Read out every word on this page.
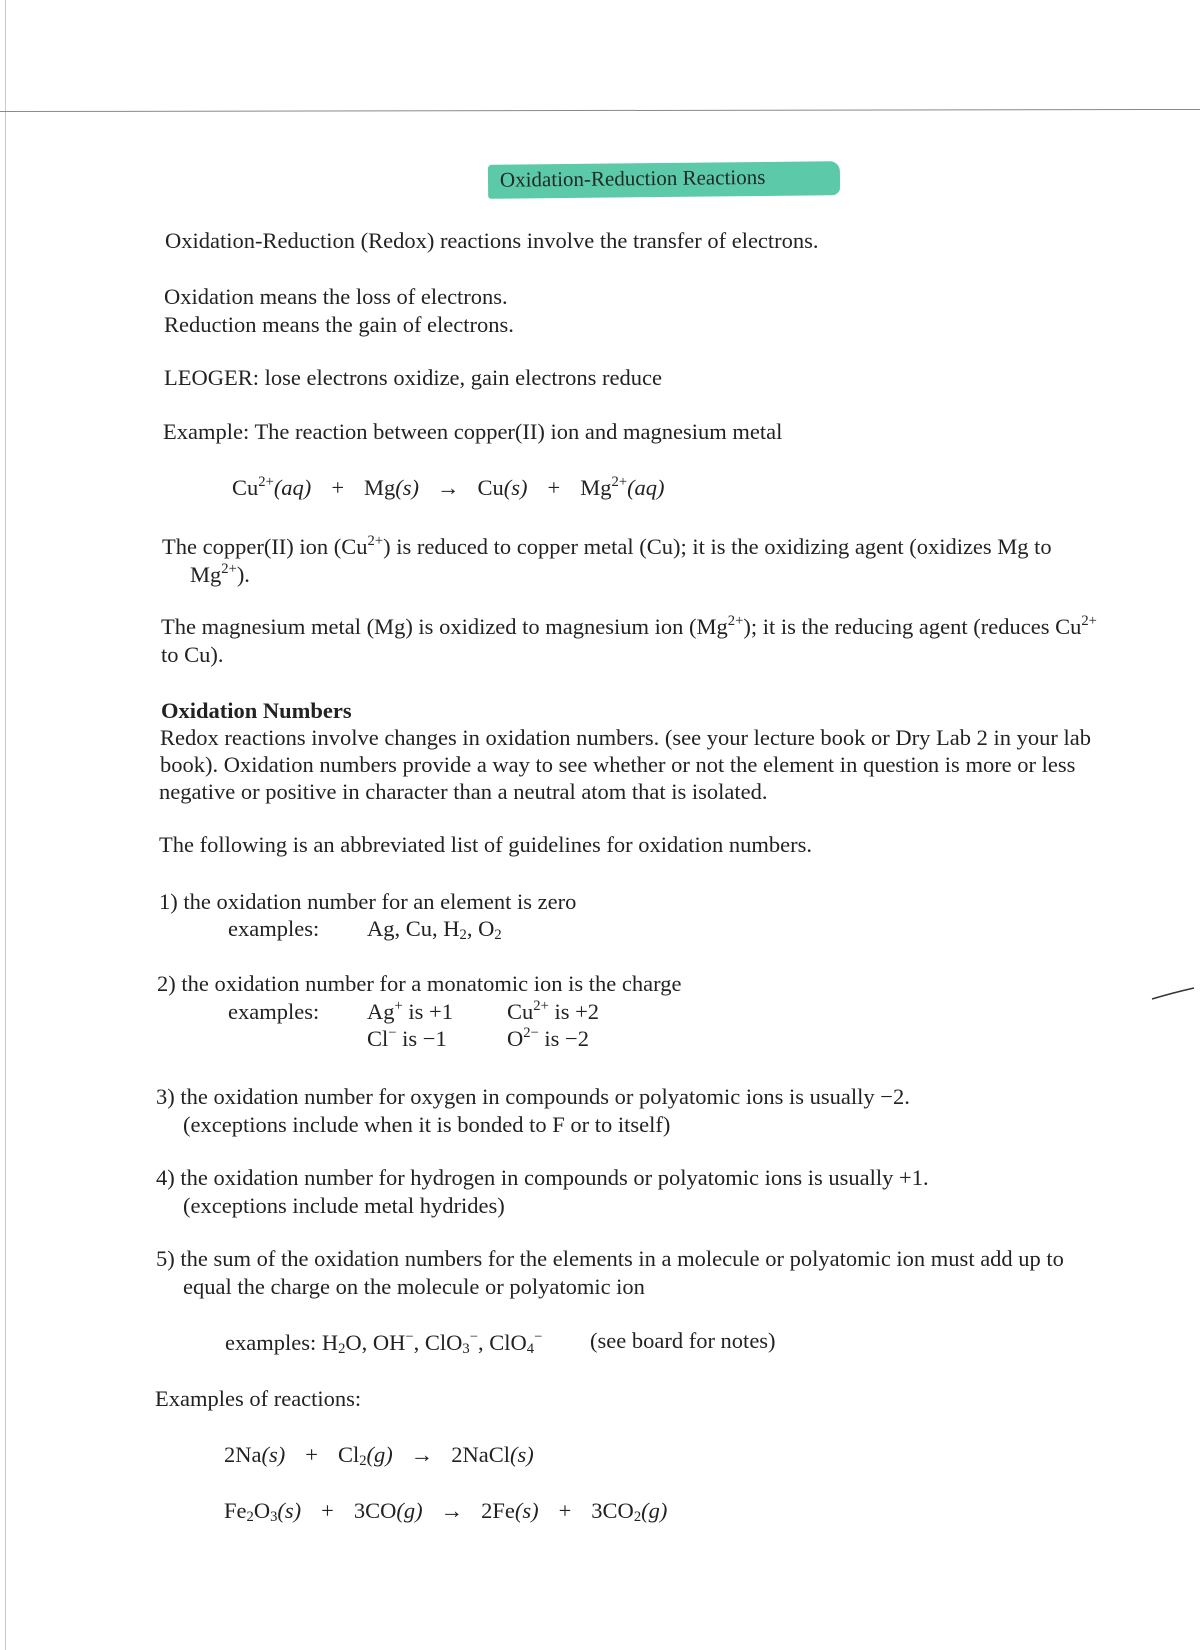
Oxidation-Reduction Reactions
Oxidation-Reduction (Redox) reactions involve the transfer of electrons.
Oxidation means the loss of electrons.
Reduction means the gain of electrons.
LEOGER: lose electrons oxidize, gain electrons reduce
Example: The reaction between copper(II) ion and magnesium metal
$Cu^{2+}(aq) + Mg(s) \to Cu(s) + Mg^{2+}(aq)$
The copper(II) ion $(Cu^{2+})$ is reduced to copper metal (Cu); it is the oxidizing agent (oxidizes Mg to
$Mg^{2+}$).
The magnesium metal (Mg) is oxidized to magnesium ion $(Mg^{2+})$; it is the reducing agent (reduces $Cu^{2+}$
to Cu).
Oxidation Numbers
Redox reactions involve changes in oxidation numbers. (see your lecture book or Dry Lab 2 in your lab
book). Oxidation numbers provide a way to see whether or not the element in question is more or less
negative or positive in character than a neutral atom that is isolated.
The following is an abbreviated list of guidelines for oxidation numbers.
1) the oxidation number for an element is zero
examples: Ag, Cu, $H_2$, $O_2$
2) the oxidation number for a monatomic ion is the charge
examples: Ag+ is +1 $Cu^{2+}$ is +2
Cl− is −1	$O^{2-}$ is −2
3) the oxidation number for oxygen in compounds or polyatomic ions is usually −2.
(exceptions include when it is bonded to F or to itself)
4) the oxidation number for hydrogen in compounds or polyatomic ions is usually +1.
(exceptions include metal hydrides)
5) the sum of the oxidation numbers for the elements in a molecule or polyatomic ion must add up to
equal the charge on the molecule or polyatomic ion
examples: $H_2O$, OH−, ClO$_3$−, ClO$_4$− (see board for notes)
Examples of reactions:
$2Na(s) + Cl_2(g)$ → 2NaCl(s)
$Fe_2O_3(s) + 3CO(g) \to 2Fe(s) + 3CO_2(g)$
